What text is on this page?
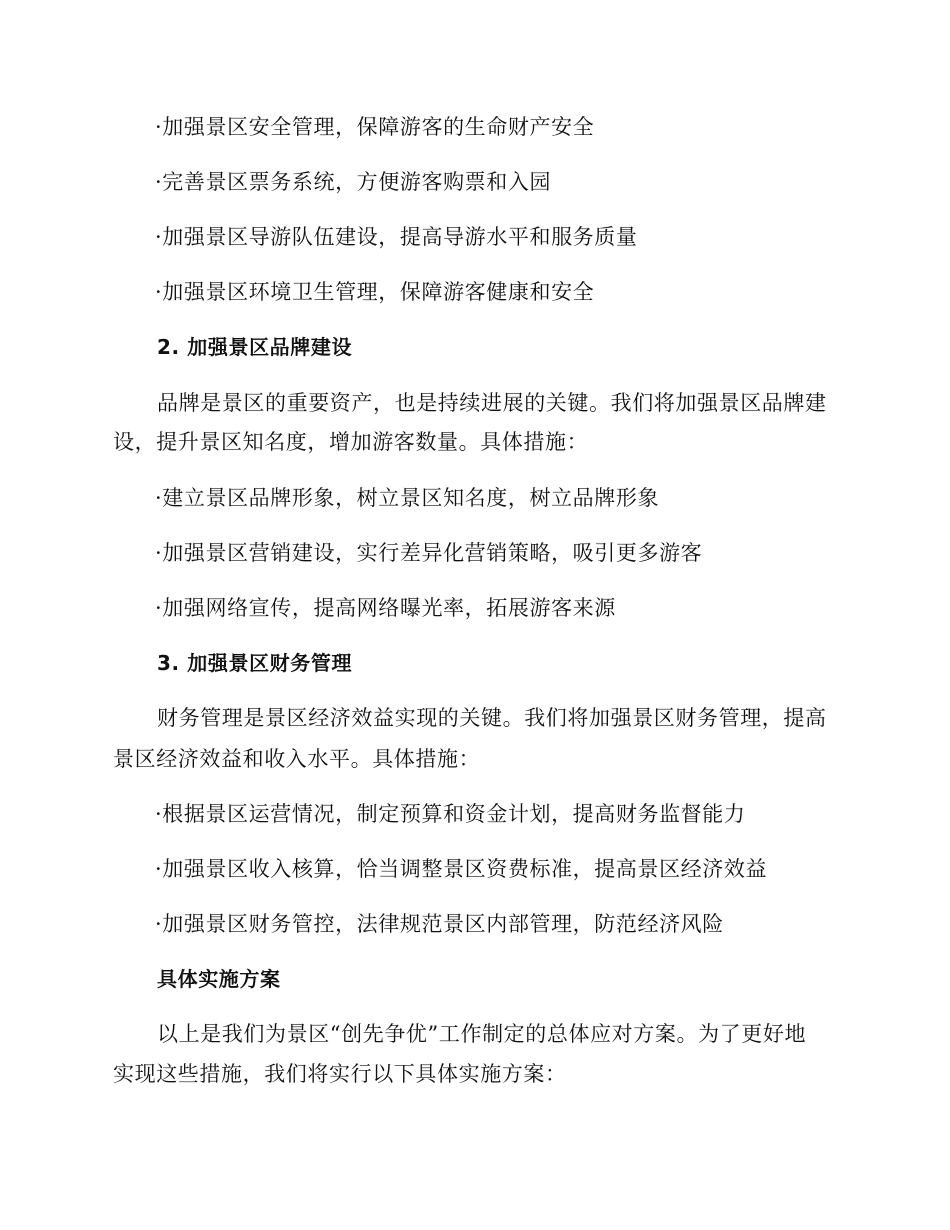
·加强景区安全管理，保障游客的生命财产安全
·完善景区票务系统，方便游客购票和入园
·加强景区导游队伍建设，提高导游水平和服务质量
·加强景区环境卫生管理，保障游客健康和安全
2. 加强景区品牌建设
品牌是景区的重要资产，也是持续进展的关键。我们将加强景区品牌建
设，提升景区知名度，增加游客数量。具体措施：
·建立景区品牌形象，树立景区知名度，树立品牌形象
·加强景区营销建设，实行差异化营销策略，吸引更多游客
·加强网络宣传，提高网络曝光率，拓展游客来源
3. 加强景区财务管理
财务管理是景区经济效益实现的关键。我们将加强景区财务管理，提高
景区经济效益和收入水平。具体措施：
·根据景区运营情况，制定预算和资金计划，提高财务监督能力
·加强景区收入核算，恰当调整景区资费标准，提高景区经济效益
·加强景区财务管控，法律规范景区内部管理，防范经济风险
具体实施方案
以上是我们为景区“创先争优”工作制定的总体应对方案。为了更好地
实现这些措施，我们将实行以下具体实施方案：
